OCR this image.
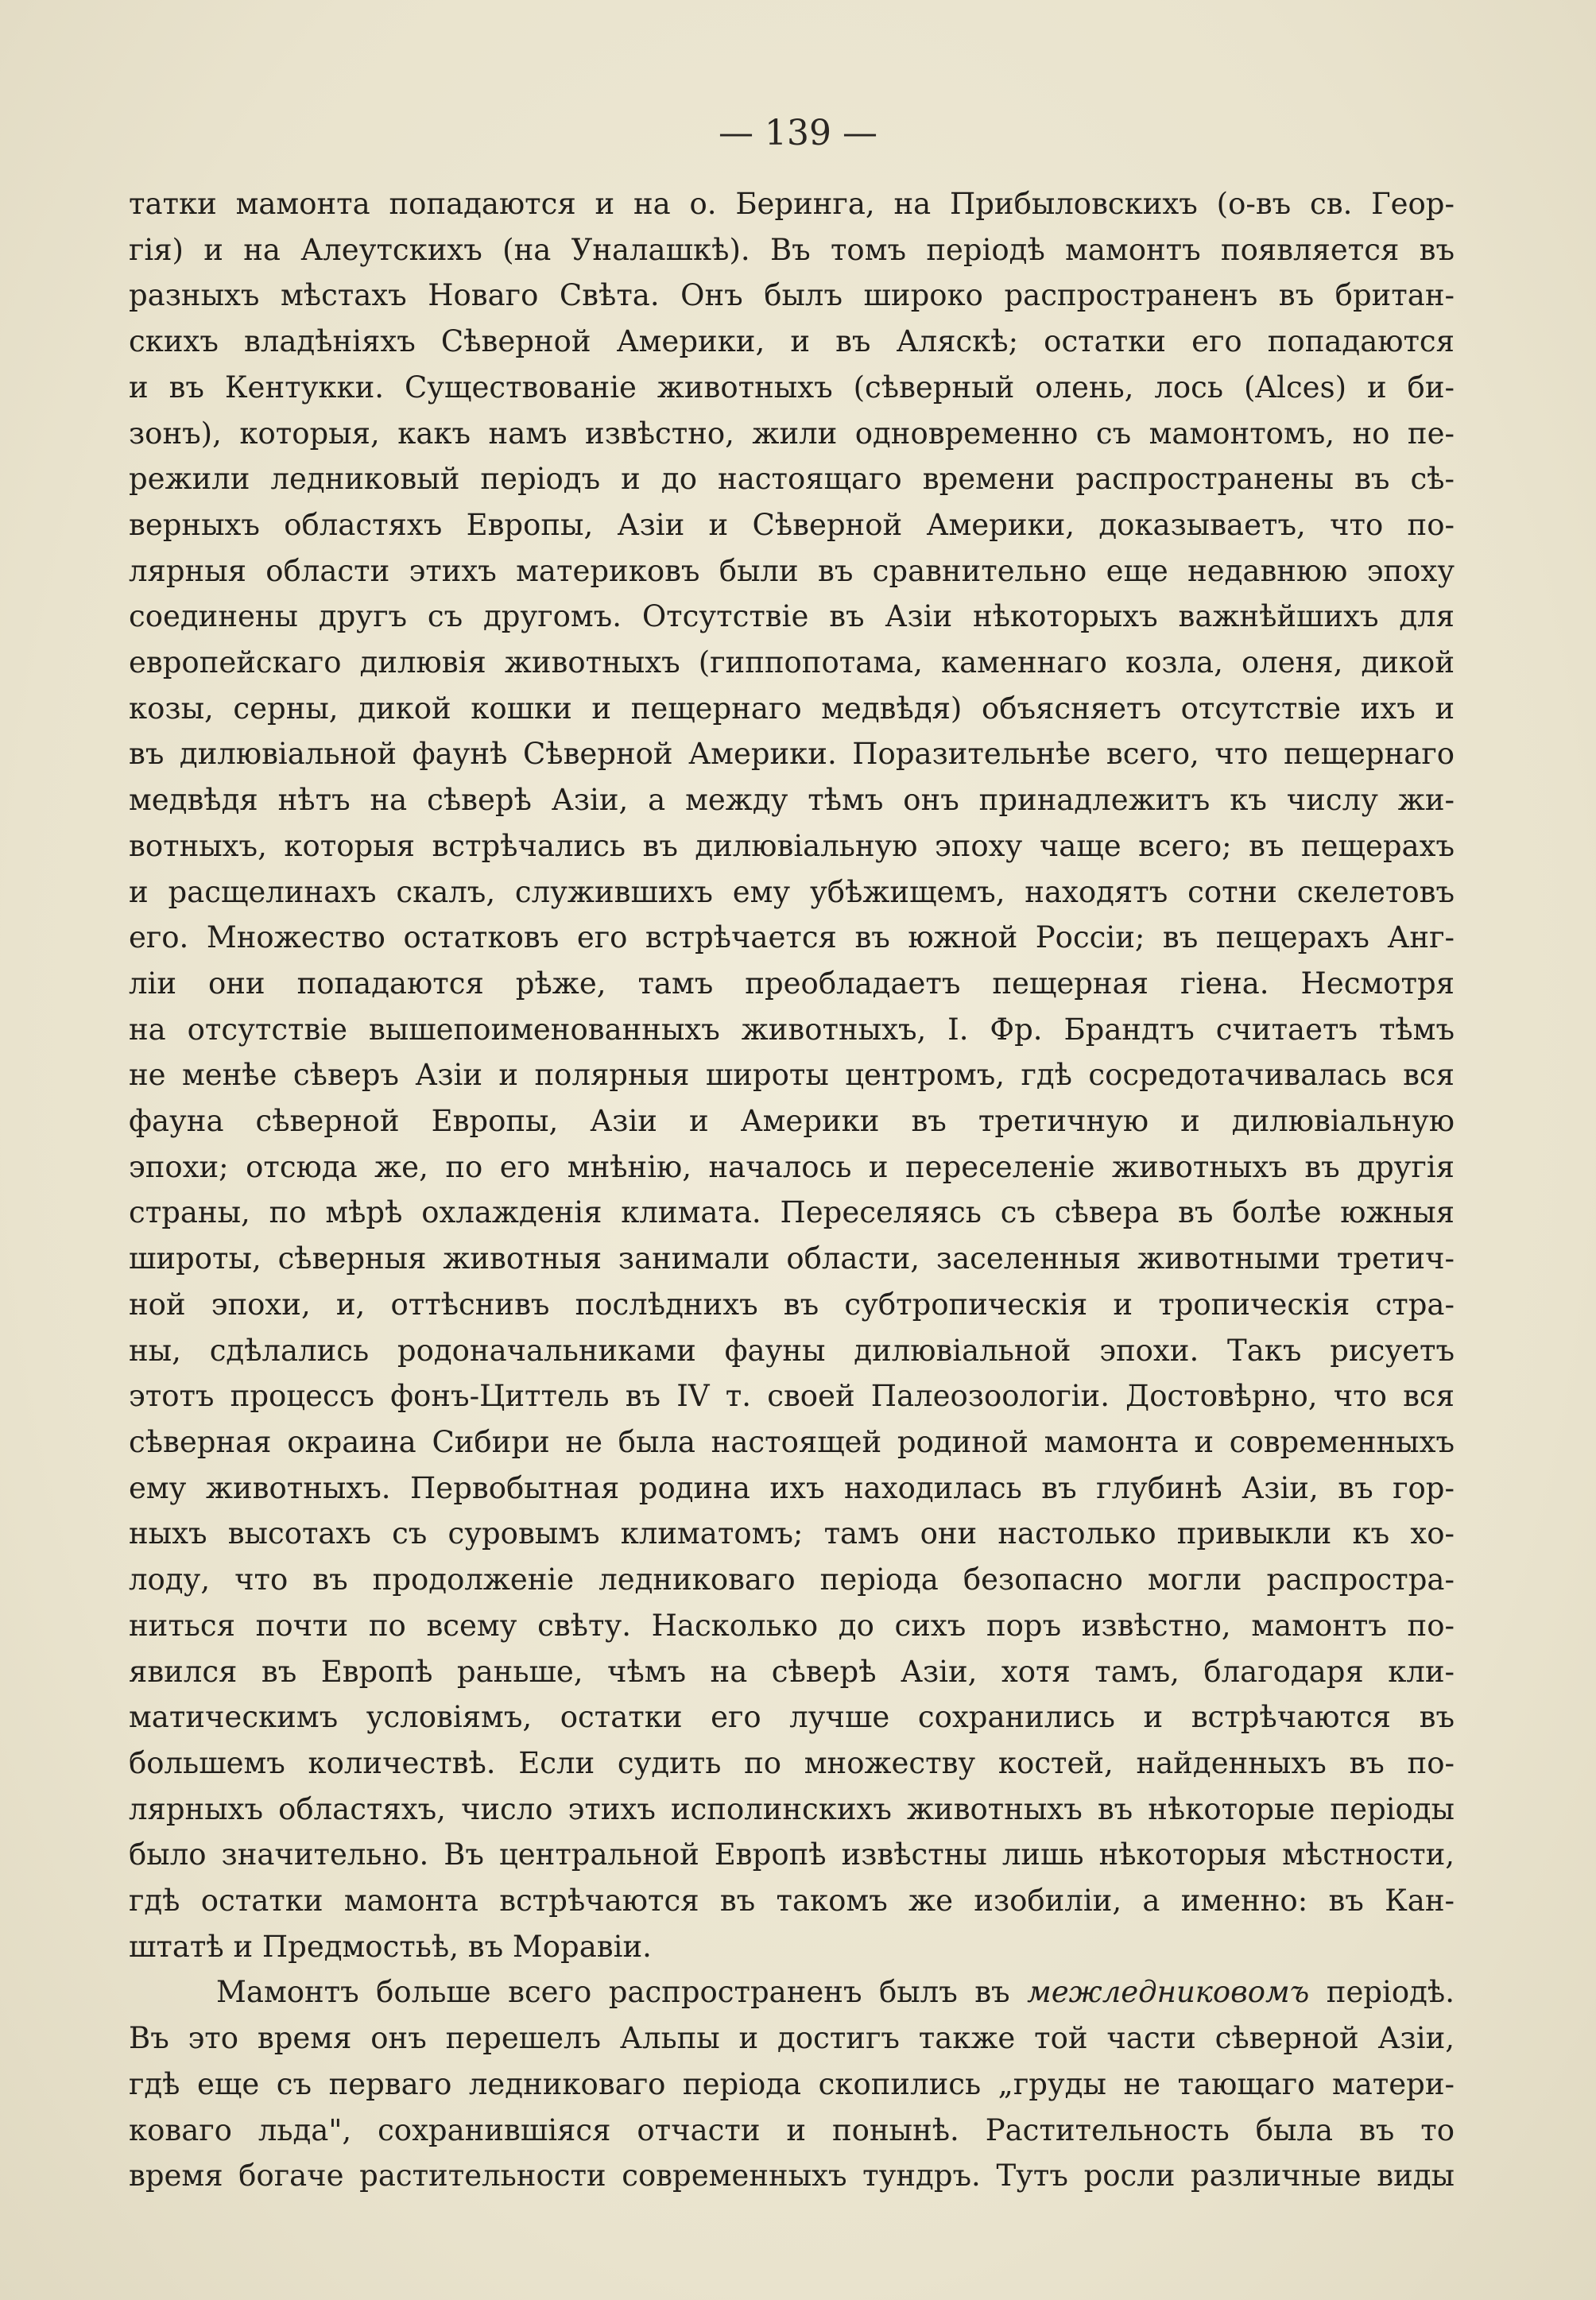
— 139 —

татки мамонта попадаются и на о. Беринга, на Прибыловскихъ (о-въ св. Геор-
гія) и на Алеутскихъ (на Уналашкѣ). Въ томъ періодѣ мамонтъ появляется въ
разныхъ мѣстахъ Новаго Свѣта. Онъ былъ широко распространенъ въ британ-
скихъ владѣніяхъ Сѣверной Америки, и въ Аляскѣ; остатки его попадаются
и въ Кентукки. Существованіе животныхъ (сѣверный олень, лось (Alces) и би-
зонъ), которыя, какъ намъ извѣстно, жили одновременно съ мамонтомъ, но пе-
режили ледниковый періодъ и до настоящаго времени распространены въ сѣ-
верныхъ областяхъ Европы, Азіи и Сѣверной Америки, доказываетъ, что по-
лярныя области этихъ материковъ были въ сравнительно еще недавнюю эпоху
соединены другъ съ другомъ. Отсутствіе въ Азіи нѣкоторыхъ важнѣйшихъ для
европейскаго дилювія животныхъ (гиппопотама, каменнаго козла, оленя, дикой
козы, серны, дикой кошки и пещернаго медвѣдя) объясняетъ отсутствіе ихъ и
въ дилювіальной фаунѣ Сѣверной Америки. Поразительнѣе всего, что пещернаго
медвѣдя нѣтъ на сѣверѣ Азіи, а между тѣмъ онъ принадлежитъ къ числу жи-
вотныхъ, которыя встрѣчались въ дилювіальную эпоху чаще всего; въ пещерахъ
и расщелинахъ скалъ, служившихъ ему убѣжищемъ, находятъ сотни скелетовъ
его. Множество остатковъ его встрѣчается въ южной Россіи; въ пещерахъ Анг-
ліи они попадаются рѣже, тамъ преобладаетъ пещерная гіена. Несмотря
на отсутствіе вышепоименованныхъ животныхъ, І. Фр. Брандтъ считаетъ тѣмъ
не менѣе сѣверъ Азіи и полярныя широты центромъ, гдѣ сосредотачивалась вся
фауна сѣверной Европы, Азіи и Америки въ третичную и дилювіальную
эпохи; отсюда же, по его мнѣнію, началось и переселеніе животныхъ въ другія
страны, по мѣрѣ охлажденія климата. Переселяясь съ сѣвера въ болѣе южныя
широты, сѣверныя животныя занимали области, заселенныя животными третич-
ной эпохи, и, оттѣснивъ послѣднихъ въ субтропическія и тропическія стра-
ны, сдѣлались родоначальниками фауны дилювіальной эпохи. Такъ рисуетъ
этотъ процессъ фонъ-Циттель въ IV т. своей Палеозоологіи. Достовѣрно, что вся
сѣверная окраина Сибири не была настоящей родиной мамонта и современныхъ
ему животныхъ. Первобытная родина ихъ находилась въ глубинѣ Азіи, въ гор-
ныхъ высотахъ съ суровымъ климатомъ; тамъ они настолько привыкли къ хо-
лоду, что въ продолженіе ледниковаго періода безопасно могли распростра-
ниться почти по всему свѣту. Насколько до сихъ поръ извѣстно, мамонтъ по-
явился въ Европѣ раньше, чѣмъ на сѣверѣ Азіи, хотя тамъ, благодаря кли-
матическимъ условіямъ, остатки его лучше сохранились и встрѣчаются въ
большемъ количествѣ. Если судить по множеству костей, найденныхъ въ по-
лярныхъ областяхъ, число этихъ исполинскихъ животныхъ въ нѣкоторые періоды
было значительно. Въ центральной Европѣ извѣстны лишь нѣкоторыя мѣстности,
гдѣ остатки мамонта встрѣчаются въ такомъ же изобиліи, а именно: въ Кан-
штатѣ и Предмостьѣ, въ Моравіи.

Мамонтъ больше всего распространенъ былъ въ межледниковомъ періодѣ.
Въ это время онъ перешелъ Альпы и достигъ также той части сѣверной Азіи,
гдѣ еще съ перваго ледниковаго періода скопились „груды не тающаго матери-
коваго льда", сохранившіяся отчасти и понынѣ. Растительность была въ то
время богаче растительности современныхъ тундръ. Тутъ росли различные виды
